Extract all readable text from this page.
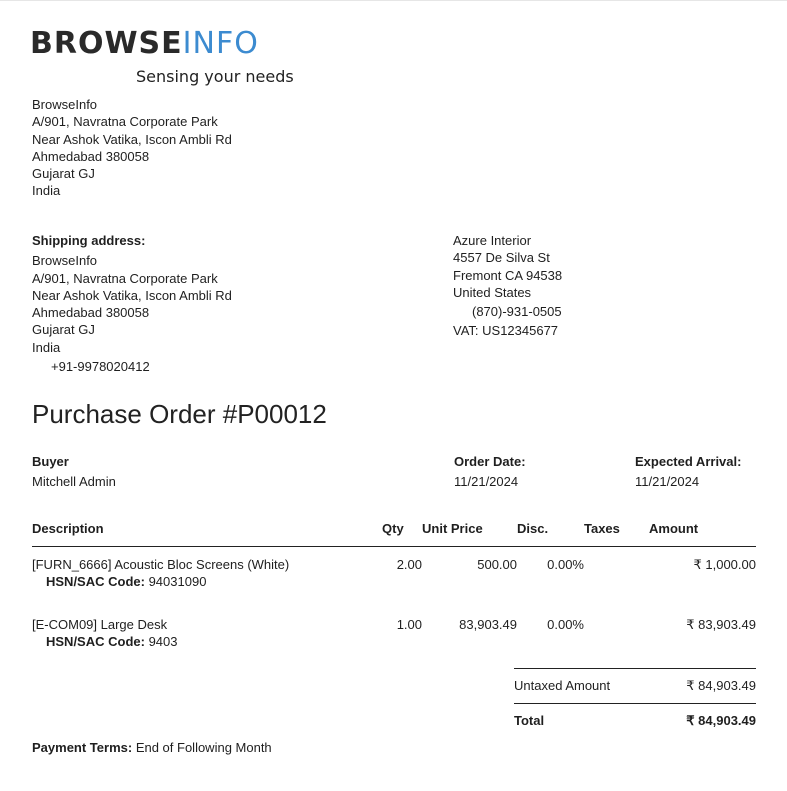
BROWSEINFO
Sensing your needs
BrowseInfo
A/901, Navratna Corporate Park
Near Ashok Vatika, Iscon Ambli Rd
Ahmedabad 380058
Gujarat GJ
India
Shipping address:
BrowseInfo
A/901, Navratna Corporate Park
Near Ashok Vatika, Iscon Ambli Rd
Ahmedabad 380058
Gujarat GJ
India
+91-9978020412
Azure Interior
4557 De Silva St
Fremont CA 94538
United States
(870)-931-0505
VAT: US12345677
Purchase Order #P00012
Buyer
Mitchell Admin
Order Date:
11/21/2024
Expected Arrival:
11/21/2024
Description	Qty	Unit Price	Disc.	Taxes	Amount

[FURN_6666] Acoustic Bloc Screens (White)
HSN/SAC Code: 94031090	2.00	500.00	0.00%		₹ 1,000.00

[E-COM09] Large Desk
HSN/SAC Code: 9403	1.00	83,903.49	0.00%		₹ 83,903.49
Untaxed Amount	₹ 84,903.49
Total	₹ 84,903.49
Payment Terms: End of Following Month
